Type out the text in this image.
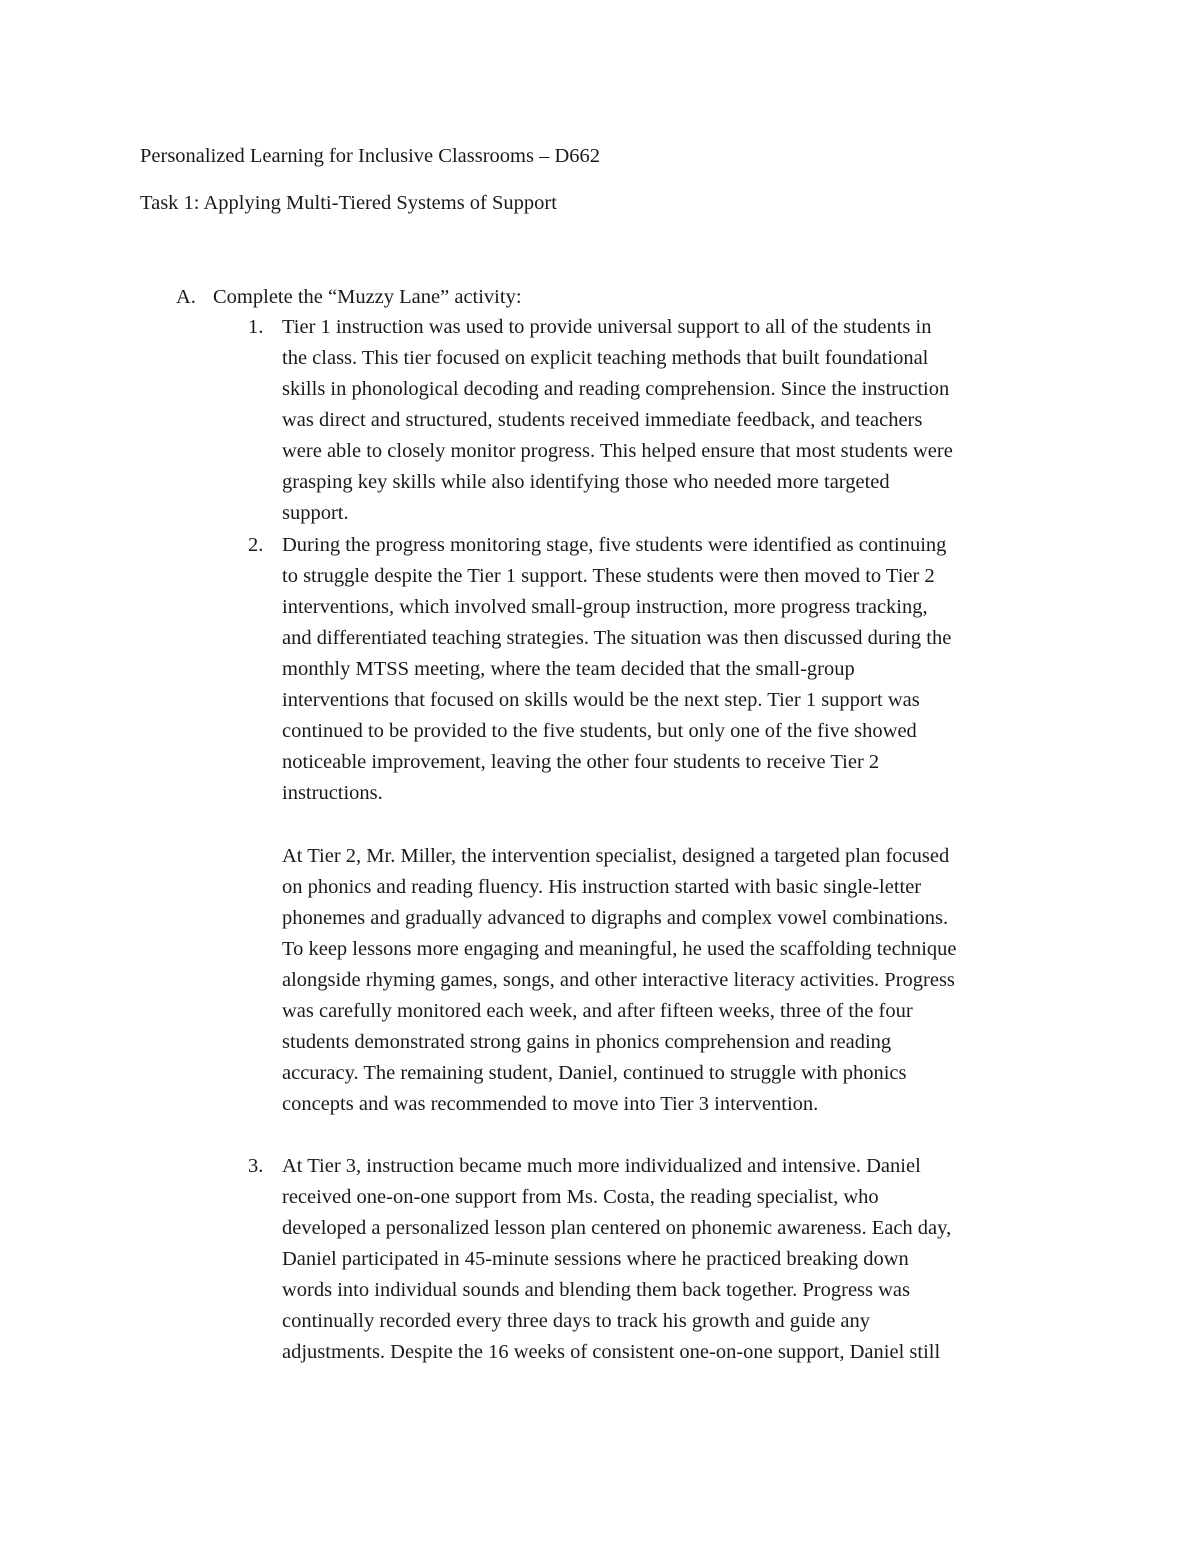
Personalized Learning for Inclusive Classrooms – D662
Task 1: Applying Multi-Tiered Systems of Support
A. Complete the “Muzzy Lane” activity:
1. Tier 1 instruction was used to provide universal support to all of the students in
the class. This tier focused on explicit teaching methods that built foundational
skills in phonological decoding and reading comprehension. Since the instruction
was direct and structured, students received immediate feedback, and teachers
were able to closely monitor progress. This helped ensure that most students were
grasping key skills while also identifying those who needed more targeted
support.
2. During the progress monitoring stage, five students were identified as continuing
to struggle despite the Tier 1 support. These students were then moved to Tier 2
interventions, which involved small-group instruction, more progress tracking,
and differentiated teaching strategies. The situation was then discussed during the
monthly MTSS meeting, where the team decided that the small-group
interventions that focused on skills would be the next step. Tier 1 support was
continued to be provided to the five students, but only one of the five showed
noticeable improvement, leaving the other four students to receive Tier 2
instructions.
At Tier 2, Mr. Miller, the intervention specialist, designed a targeted plan focused
on phonics and reading fluency. His instruction started with basic single-letter
phonemes and gradually advanced to digraphs and complex vowel combinations.
To keep lessons more engaging and meaningful, he used the scaffolding technique
alongside rhyming games, songs, and other interactive literacy activities. Progress
was carefully monitored each week, and after fifteen weeks, three of the four
students demonstrated strong gains in phonics comprehension and reading
accuracy. The remaining student, Daniel, continued to struggle with phonics
concepts and was recommended to move into Tier 3 intervention.
3. At Tier 3, instruction became much more individualized and intensive. Daniel
received one-on-one support from Ms. Costa, the reading specialist, who
developed a personalized lesson plan centered on phonemic awareness. Each day,
Daniel participated in 45-minute sessions where he practiced breaking down
words into individual sounds and blending them back together. Progress was
continually recorded every three days to track his growth and guide any
adjustments. Despite the 16 weeks of consistent one-on-one support, Daniel still
